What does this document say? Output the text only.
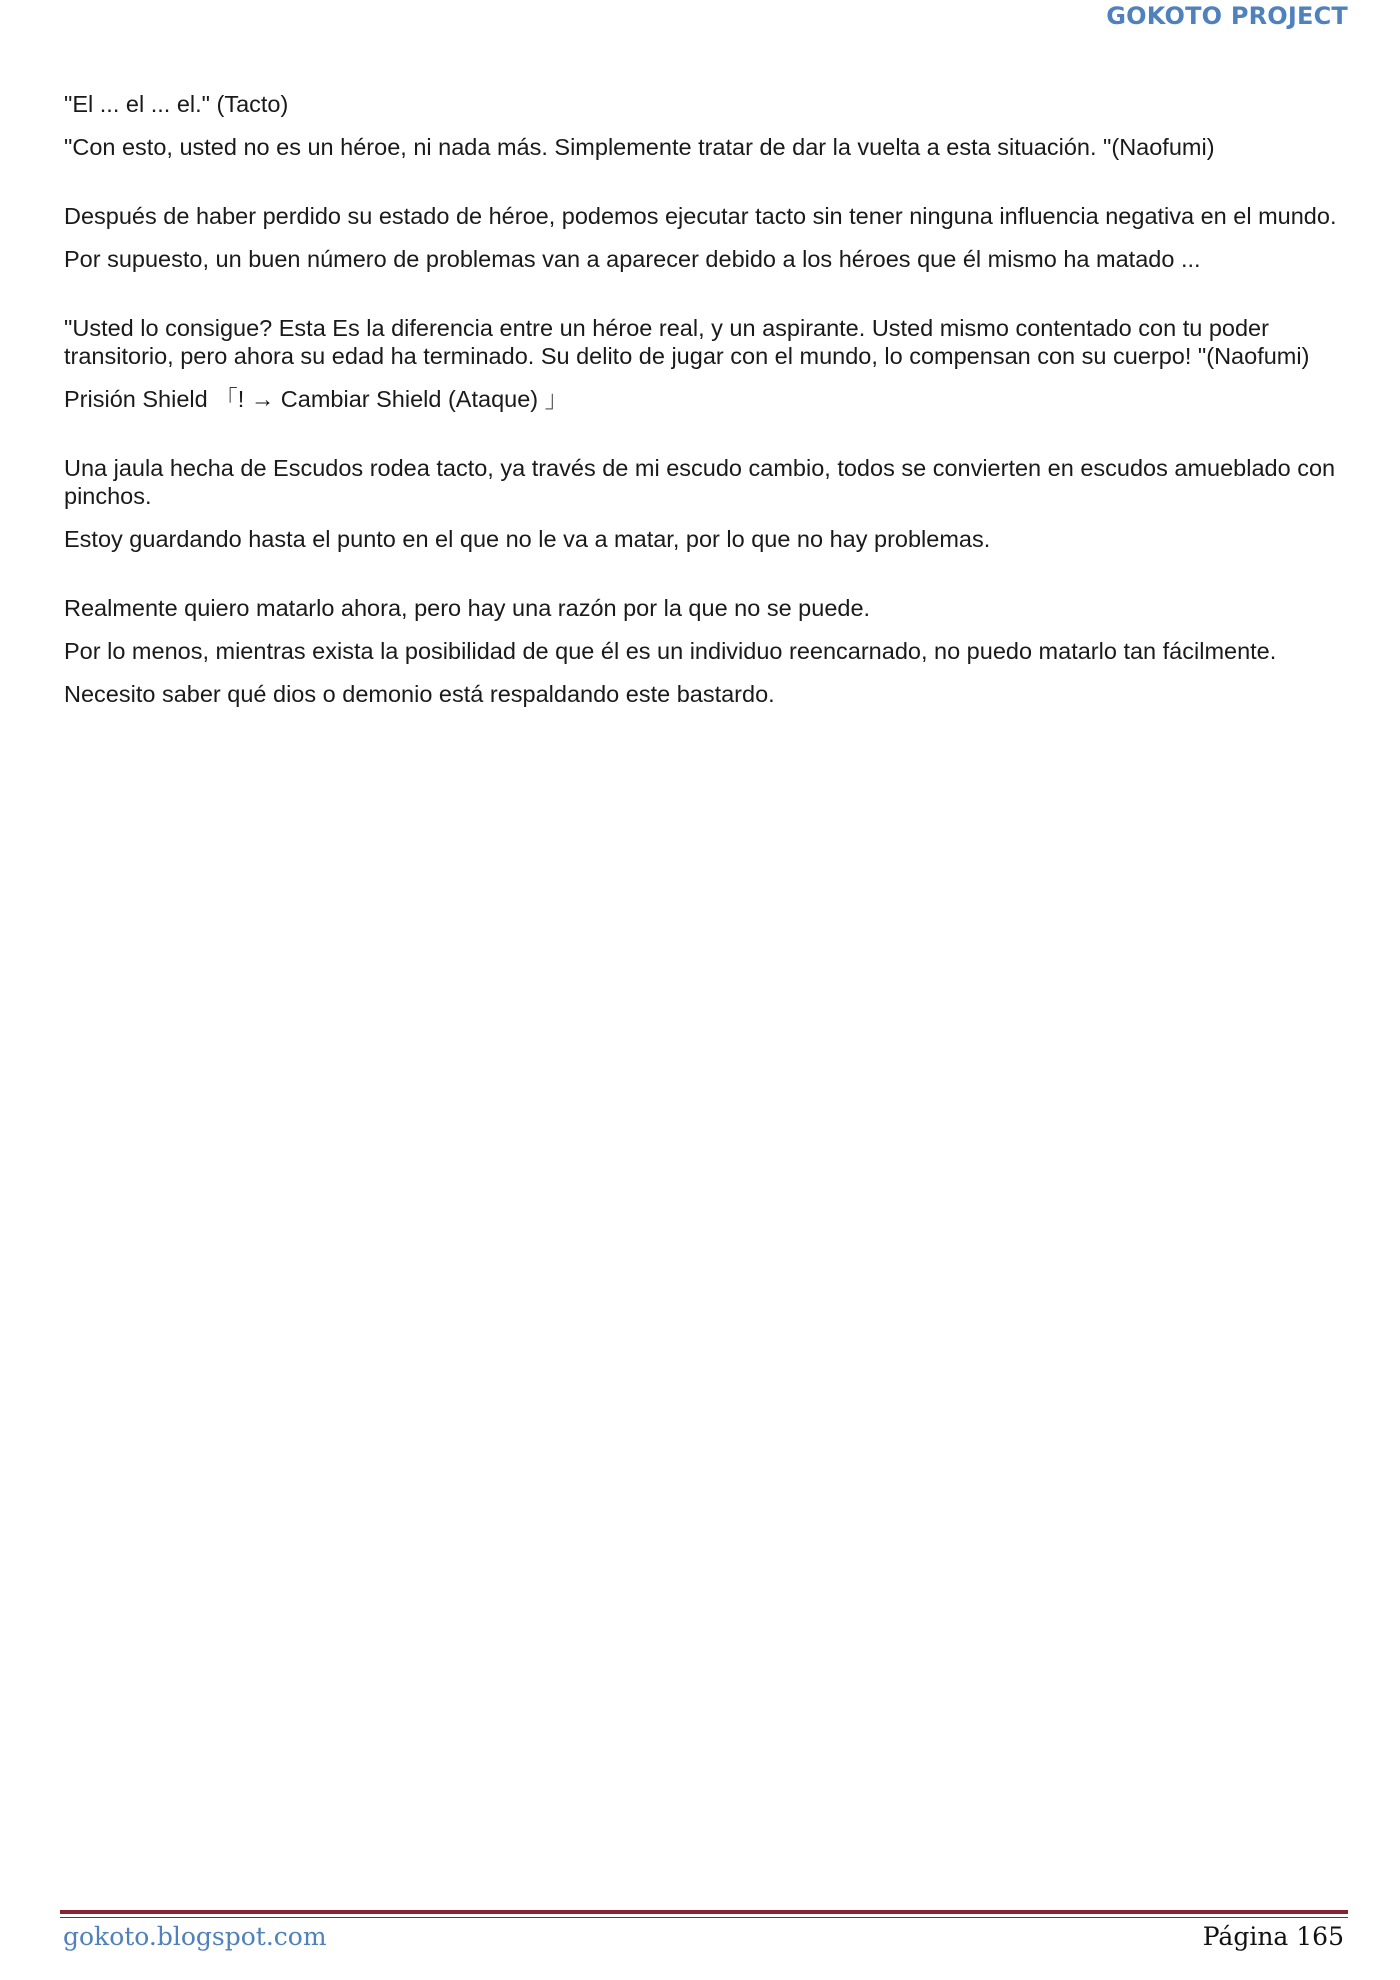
GOKOTO PROJECT

"El ... el ... el." (Tacto)

"Con esto, usted no es un héroe, ni nada más. Simplemente tratar de dar la vuelta a esta situación. "(Naofumi)

Después de haber perdido su estado de héroe, podemos ejecutar tacto sin tener ninguna influencia negativa en el mundo.

Por supuesto, un buen número de problemas van a aparecer debido a los héroes que él mismo ha matado ...

"Usted lo consigue? Esta Es la diferencia entre un héroe real, y un aspirante. Usted mismo contentado con tu poder transitorio, pero ahora su edad ha terminado. Su delito de jugar con el mundo, lo compensan con su cuerpo! "(Naofumi)

Prisión Shield 「! → Cambiar Shield (Ataque) 」

Una jaula hecha de Escudos rodea tacto, ya través de mi escudo cambio, todos se convierten en escudos amueblado con pinchos.

Estoy guardando hasta el punto en el que no le va a matar, por lo que no hay problemas.

Realmente quiero matarlo ahora, pero hay una razón por la que no se puede.

Por lo menos, mientras exista la posibilidad de que él es un individuo reencarnado, no puedo matarlo tan fácilmente.

Necesito saber qué dios o demonio está respaldando este bastardo.

gokoto.blogspot.com	Página 165
